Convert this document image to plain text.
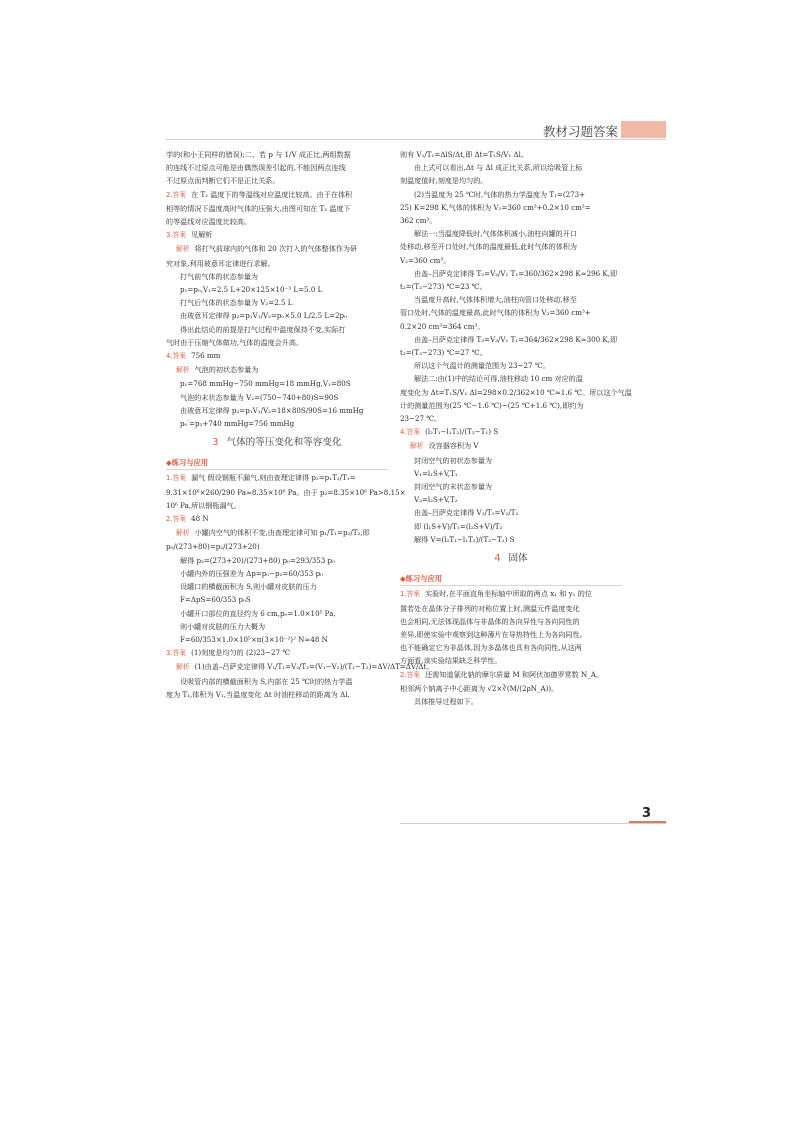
教材习题答案

学的(和小王同样的错误);二、若 p 与 1/V 成正比,两组数据

的连线不过原点可能是由偶然误差引起的,不能因两点连线

不过原点而判断它们不是正比关系。

2.答案 在 T₂ 温度下的等温线对应温度比较高。由于在体积

相等的情况下温度高时气体的压强大,由图可知在 T₂ 温度下

的等温线对应温度比较高。

3.答案 见解析

解析 将打气前球内的气体和 20 次打入的气体整体作为研

究对象,利用玻意耳定律进行求解。

打气前气体的状态参量为

p₁=p₀,V₁=2.5 L+20×125×10⁻³ L=5.0 L

打气后气体的状态参量为 V₂=2.5 L

由玻意耳定律得 p₂=p₁V₁/V₂=p₀×5.0 L/2.5 L=2p₀

得出此结论的前提是打气过程中温度保持不变,实际打

气时由于压缩气体做功,气体的温度会升高。

4.答案 756 mm

解析 气泡的初状态参量为

p₁=768 mmHg−750 mmHg=18 mmHg,V₁=80S

气泡的末状态参量为 V₂=(750−740+80)S=90S

由玻意耳定律得 p₂=p₁V₁/V₂=18×80S/90S=16 mmHg

p₀′=p₂+740 mmHg=756 mmHg

3 气体的等压变化和等容变化
◆练习与应用

1.答案 漏气 假设钢瓶不漏气,则由查理定律得 p₂=p₁T₂/T₁=

9.31×10⁶×260/290 Pa≈8.35×10⁶ Pa。由于 p₂=8.35×10⁶ Pa>8.15×

10⁶ Pa,所以钢瓶漏气。

2.答案 48 N

解析 小罐内空气的体积不变,由查理定律可知 p₁/T₁=p₂/T₂,即

p₀/(273+80)=p₂/(273+20)

解得 p₂=(273+20)/(273+80) p₀=293/353 p₀

小罐内外的压强差为 Δp=p₀−p₂=60/353 p₀

设罐口的横截面积为 S,则小罐对皮肤的压力

F=ΔpS=60/353 p₀S

小罐开口部位的直径约为 6 cm,p₀=1.0×10⁵ Pa,

则小罐对皮肤的压力大概为

F=60/353×1.0×10⁵×π(3×10⁻²)² N≈48 N

3.答案 (1)刻度是均匀的 (2)23~27 ℃

解析 (1)由盖–吕萨克定律得 V₁/T₁=V₂/T₂=(V₁−V₂)/(T₁−T₂)=ΔV/ΔT=ΔV/Δt。

设吸管内部的横截面积为 S,内部在 25 ℃时的热力学温

度为 T₁,体积为 V₁,当温度变化 Δt 时油柱移动的距离为 Δl,

则有 V₁/T₁=ΔlS/Δt,即 Δt=T₁S/V₁ Δl。

由上式可以看出,Δt 与 Δl 成正比关系,所以给吸管上标

刻温度值时,刻度是均匀的。

(2)当温度为 25 ℃时,气体的热力学温度为 T₁=(273+

25) K=298 K,气体的体积为 V₁=360 cm³+0.2×10 cm³=

362 cm³。

解法一:当温度降低时,气体体积减小,油柱向罐的开口

处移动,移至开口处时,气体的温度最低,此时气体的体积为

V₂=360 cm³。

由盖–吕萨克定律得 T₂=V₂/V₁ T₁=360/362×298 K≈296 K,即

t₂=(T₂−273) ℃=23 ℃。

当温度升高时,气体体积增大,油柱向管口处移动,移至

管口处时,气体的温度最高,此时气体的体积为 V₃=360 cm³+

0.2×20 cm³=364 cm³。

由盖–吕萨克定律得 T₃=V₃/V₁ T₁=364/362×298 K≈300 K,即

t₃=(T₃−273) ℃=27 ℃。

所以这个气温计的测量范围为 23~27 ℃。

解法二:由(1)中的结论可得,油柱移动 10 cm 对应的温

度变化为 Δt=T₁S/V₁ Δl=298×0.2/362×10 ℃≈1.6 ℃。所以这个气温

计的测量范围为(25 ℃−1.6 ℃)~(25 ℃+1.6 ℃),即约为

23~27 ℃。

4.答案 (l₂T₁−l₁T₂)/(T₂−T₁) S

解析 设容器容积为 V

封闭空气的初状态参量为

V₁=l₁S+V,T₁

封闭空气的末状态参量为

V₂=l₂S+V,T₂

由盖–吕萨克定律得 V₁/T₁=V₂/T₂

即 (l₁S+V)/T₁=(l₂S+V)/T₂

解得 V=(l₂T₁−l₁T₂)/(T₂−T₁) S

4 固体
◆练习与应用

1.答案 实验时,在平面直角坐标轴中所取的两点 x₁ 和 y₁ 的位

置若处在晶体分子排列的对称位置上时,测温元件温度变化

也会相同,无法体现晶体与非晶体的各向异性与各向同性的

差异,即使实验中观察到这种薄片在导热特性上为各向同性,

也不能确定它为非晶体,因为多晶体也具有各向同性,从这两

方面看,该实验结果缺乏科学性。

2.答案 还需知道氯化钠的摩尔质量 M 和阿伏加德罗常数 N_A。

相邻两个钠离子中心距离为 √2×∛(M/(2ρN_A))。

具体推导过程如下。

3
